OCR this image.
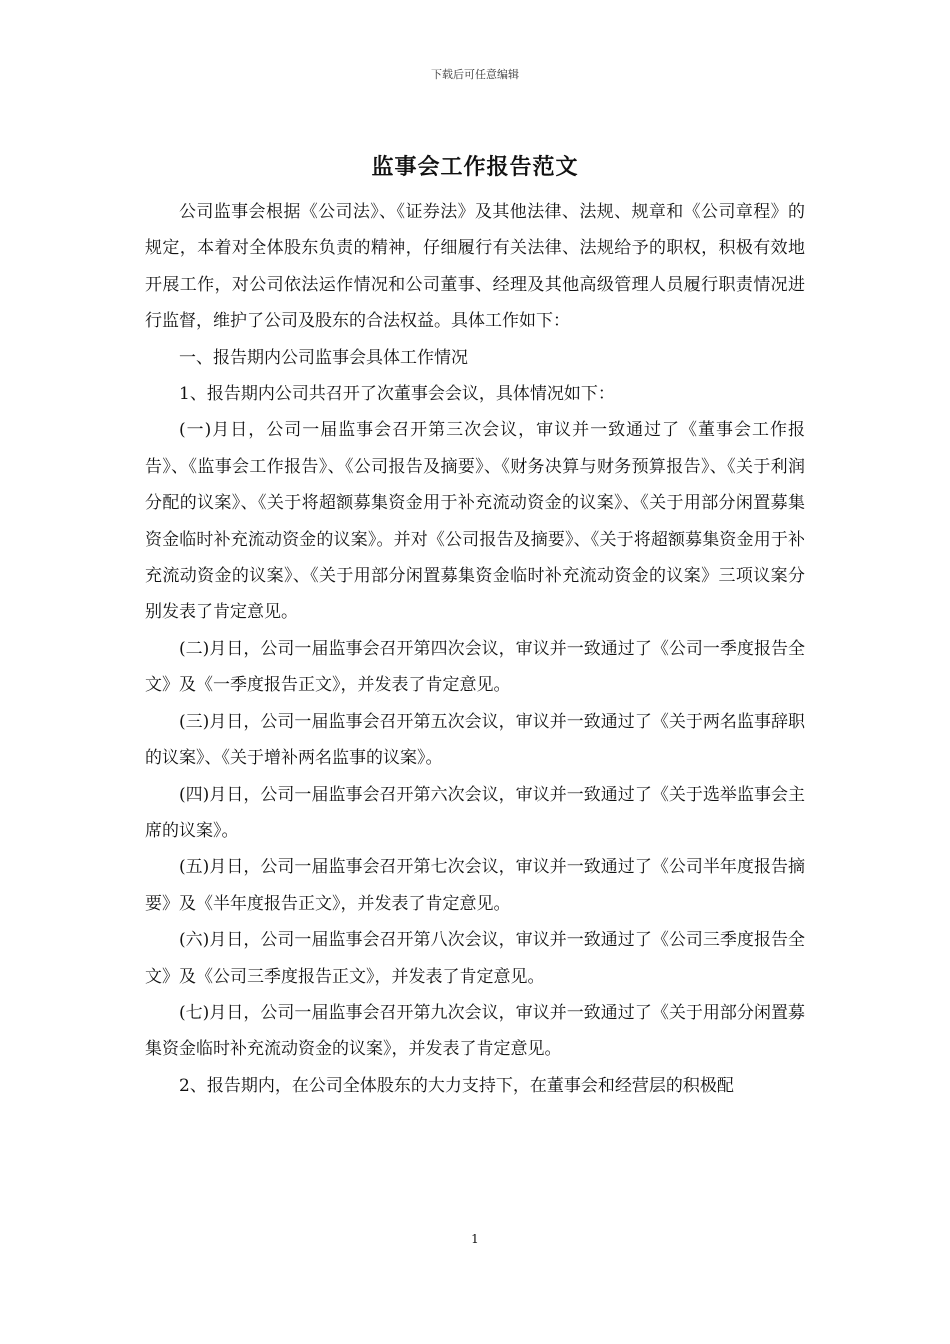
下载后可任意编辑
监事会工作报告范文

公司监事会根据《公司法》、《证券法》及其他法律、法规、规章和《公司章程》的规定，本着对全体股东负责的精神，仔细履行有关法律、法规给予的职权，积极有效地开展工作，对公司依法运作情况和公司董事、经理及其他高级管理人员履行职责情况进行监督，维护了公司及股东的合法权益。具体工作如下：

一、报告期内公司监事会具体工作情况

1、报告期内公司共召开了次董事会会议，具体情况如下：

(一)月日，公司一届监事会召开第三次会议，审议并一致通过了《董事会工作报告》、《监事会工作报告》、《公司报告及摘要》、《财务决算与财务预算报告》、《关于利润分配的议案》、《关于将超额募集资金用于补充流动资金的议案》、《关于用部分闲置募集资金临时补充流动资金的议案》。并对《公司报告及摘要》、《关于将超额募集资金用于补充流动资金的议案》、《关于用部分闲置募集资金临时补充流动资金的议案》三项议案分别发表了肯定意见。

(二)月日，公司一届监事会召开第四次会议，审议并一致通过了《公司一季度报告全文》及《一季度报告正文》，并发表了肯定意见。

(三)月日，公司一届监事会召开第五次会议，审议并一致通过了《关于两名监事辞职的议案》、《关于增补两名监事的议案》。

(四)月日，公司一届监事会召开第六次会议，审议并一致通过了《关于选举监事会主席的议案》。

(五)月日，公司一届监事会召开第七次会议，审议并一致通过了《公司半年度报告摘要》及《半年度报告正文》，并发表了肯定意见。

(六)月日，公司一届监事会召开第八次会议，审议并一致通过了《公司三季度报告全文》及《公司三季度报告正文》，并发表了肯定意见。

(七)月日，公司一届监事会召开第九次会议，审议并一致通过了《关于用部分闲置募集资金临时补充流动资金的议案》，并发表了肯定意见。

2、报告期内，在公司全体股东的大力支持下，在董事会和经营层的积极配

1
